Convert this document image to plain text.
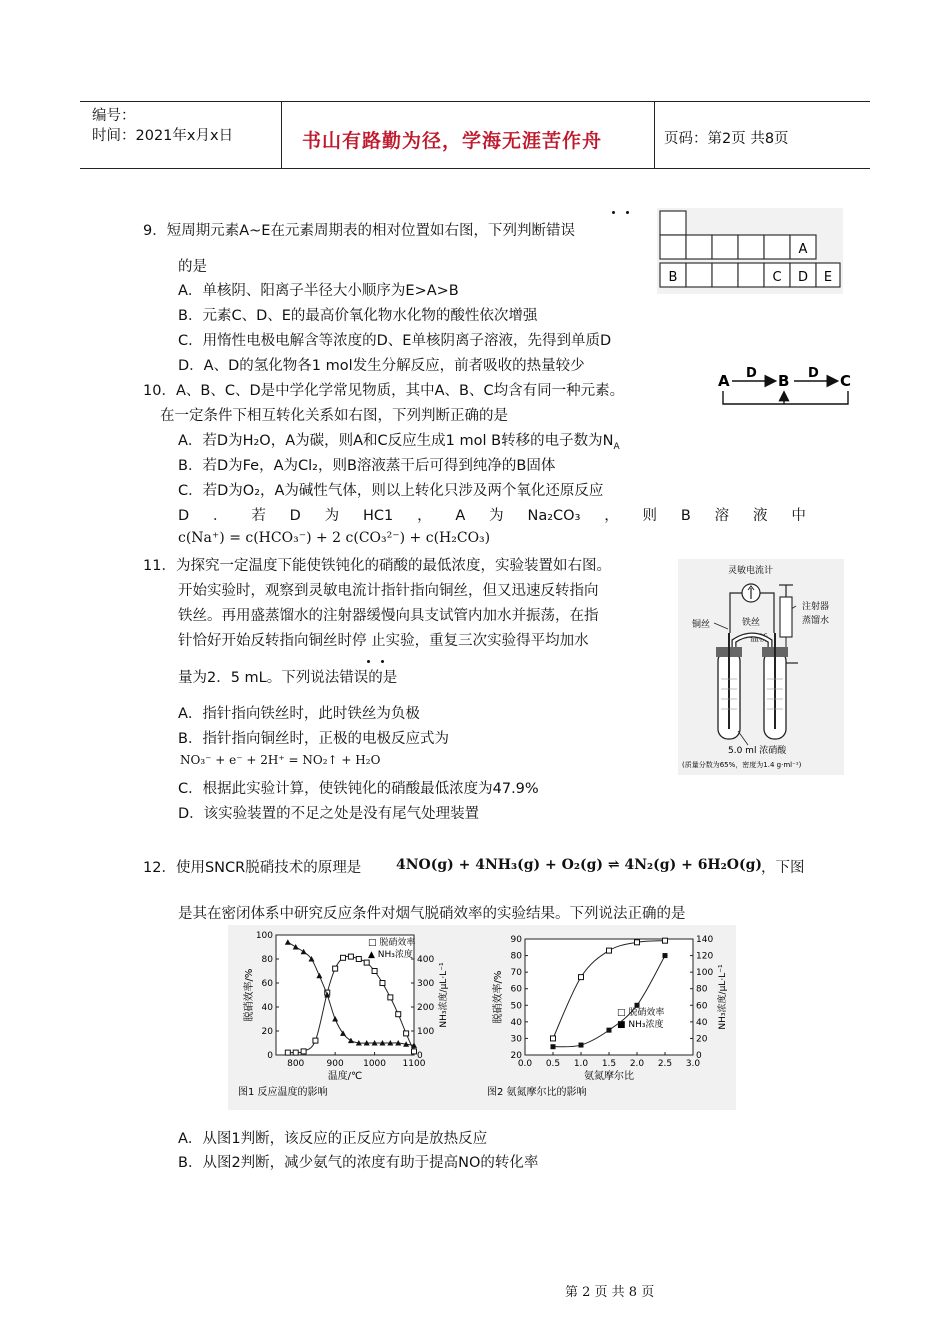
编号：
时间：2021年x月x日	书山有路勤为径，学海无涯苦作舟	页码：第2页 共8页
9．短周期元素A~E在元素周期表的相对位置如右图，下列判断错误
的是
A．单核阴、阳离子半径大小顺序为E>A>B
B．元素C、D、E的最高价氧化物水化物的酸性依次增强
C．用惰性电极电解含等浓度的D、E单核阴离子溶液，先得到单质D
D．A、D的氢化物各1 mol发生分解反应，前者吸收的热量较少
A
B	C D E
10．A、B、C、D是中学化学常见物质，其中A、B、C均含有同一种元素。
在一定条件下相互转化关系如右图，下列判断正确的是
A．若D为H₂O，A为碳，则A和C反应生成1 mol B转移的电子数为$N_A$
B．若D为Fe，A为Cl₂，则B溶液蒸干后可得到纯净的B固体
C．若D为O₂，A为碱性气体，则以上转化只涉及两个氧化还原反应
D ． 若 D 为 HC1 ， A 为 Na₂CO₃ ， 则 B 溶 液 中
c(Na⁺) = c(HCO₃⁻) + 2 c(CO₃²⁻) + c(H₂CO₃)
A	B	C
D	D
11．为探究一定温度下能使铁钝化的硝酸的最低浓度，实验装置如右图。
开始实验时，观察到灵敏电流计指针指向铜丝，但又迅速反转指向
铁丝。再用盛蒸馏水的注射器缓慢向具支试管内加水并振荡，在指
针恰好开始反转指向铜丝时停 止实验，重复三次实验得平均加水
量为2．5 mL。下列说法错误的是
A．指针指向铁丝时，此时铁丝为负极
B．指针指向铜丝时，正极的电极反应式为
NO₃⁻ + e⁻ + 2H⁺ = NO₂↑ + H₂O
C．根据此实验计算，使铁钝化的硝酸最低浓度为47.9%
D．该实验装置的不足之处是没有尾气处理装置
灵敏电流计
铜丝	铁丝
盐桥
注射器
蒸馏水
5.0 ml 浓硝酸
(质量分数为65%，密度为1.4 g·ml⁻¹)
12．使用SNCR脱硝技术的原理是 4NO(g) + 4NH₃(g) + O₂(g) ⇌ 4N₂(g) + 6H₂O(g)
，下图
是其在密闭体系中研究反应条件对烟气脱硝效率的实验结果。下列说法正确的是
800 900 1000 1100
0
20
40
60
80
100
0
100
200
300
400
温度/℃
脱硝效率/%	NH₃浓度/μL·L⁻¹
图1 反应温度的影响
□ 脱硝效率
▲ NH₃浓度
0.0 0.5 1.0 1.5 2.0 2.5 3.0
20
30
40
50
60
70
80
90
0
20
40
60
80
100
120
140
氨氮摩尔比
脱硝效率/%	NH₃浓度/μL·L⁻¹
图2 氨氮摩尔比的影响
□ 脱硝效率
■ NH₃浓度
A．从图1判断，该反应的正反应方向是放热反应
B．从图2判断，减少氨气的浓度有助于提高NO的转化率
第 2 页 共 8 页
